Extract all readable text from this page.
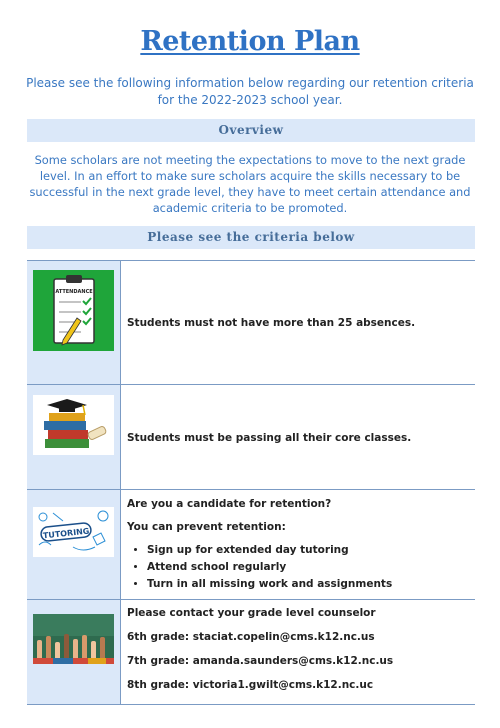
Retention Plan
Please see the following information below regarding our retention criteria for the 2022-2023 school year.
Overview
Some scholars are not meeting the expectations to move to the next grade level. In an effort to make sure scholars acquire the skills necessary to be successful in the next grade level, they have to meet certain attendance and academic criteria to be promoted.
Please see the criteria below
ATTENDANCE
Students must not have more than 25 absences.
Students must be passing all their core classes.
TUTORING

Are you a candidate for retention?

You can prevent retention:

• Sign up for extended day tutoring
• Attend school regularly
• Turn in all missing work and assignments

Please contact your grade level counselor

6th grade: staciat.copelin@cms.k12.nc.us

7th grade: amanda.saunders@cms.k12.nc.us

8th grade: victoria1.gwilt@cms.k12.nc.uc
